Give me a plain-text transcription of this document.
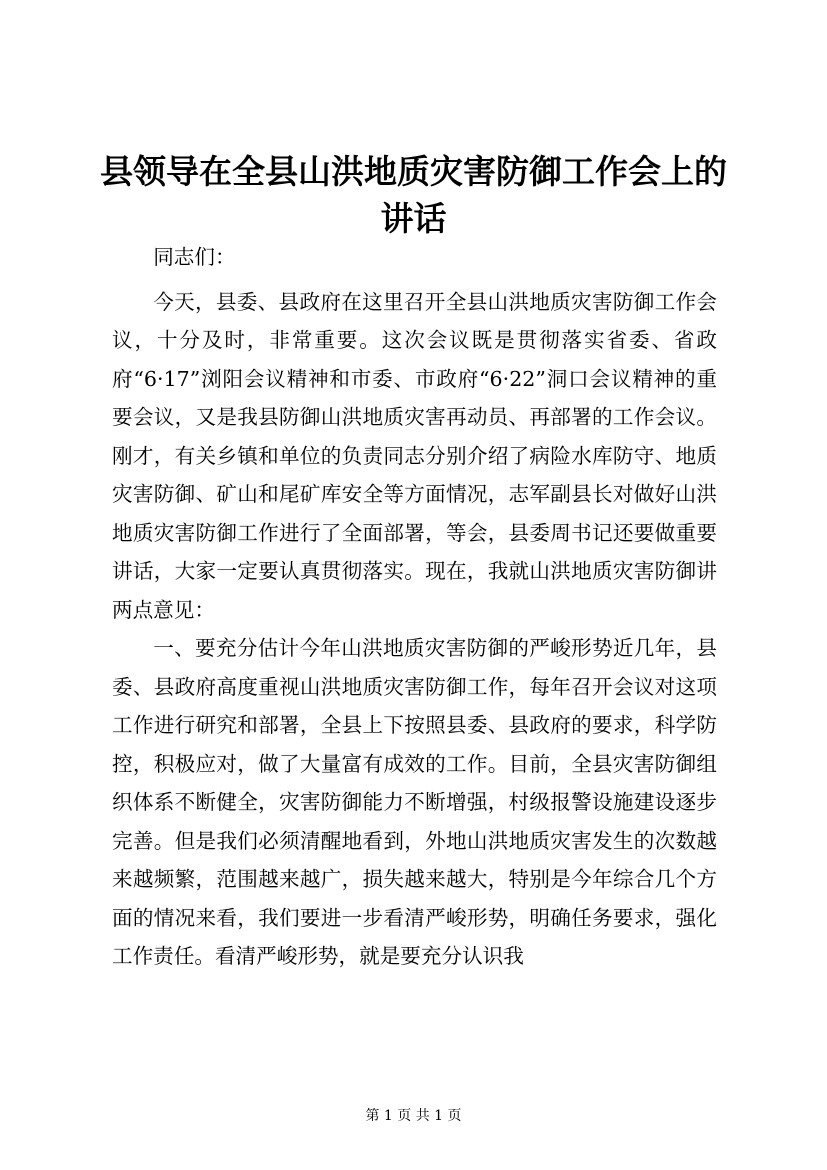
县领导在全县山洪地质灾害防御工作会上的讲话

同志们：

今天，县委、县政府在这里召开全县山洪地质灾害防御工作会议，十分及时，非常重要。这次会议既是贯彻落实省委、省政府“6·17”浏阳会议精神和市委、市政府“6·22”洞口会议精神的重要会议，又是我县防御山洪地质灾害再动员、再部署的工作会议。刚才，有关乡镇和单位的负责同志分别介绍了病险水库防守、地质灾害防御、矿山和尾矿库安全等方面情况，志军副县长对做好山洪地质灾害防御工作进行了全面部署，等会，县委周书记还要做重要讲话，大家一定要认真贯彻落实。现在，我就山洪地质灾害防御讲两点意见：

一、要充分估计今年山洪地质灾害防御的严峻形势近几年，县委、县政府高度重视山洪地质灾害防御工作，每年召开会议对这项工作进行研究和部署，全县上下按照县委、县政府的要求，科学防控，积极应对，做了大量富有成效的工作。目前，全县灾害防御组织体系不断健全，灾害防御能力不断增强，村级报警设施建设逐步完善。但是我们必须清醒地看到，外地山洪地质灾害发生的次数越来越频繁，范围越来越广，损失越来越大，特别是今年综合几个方面的情况来看，我们要进一步看清严峻形势，明确任务要求，强化工作责任。看清严峻形势，就是要充分认识我

第 1 页 共 1 页
